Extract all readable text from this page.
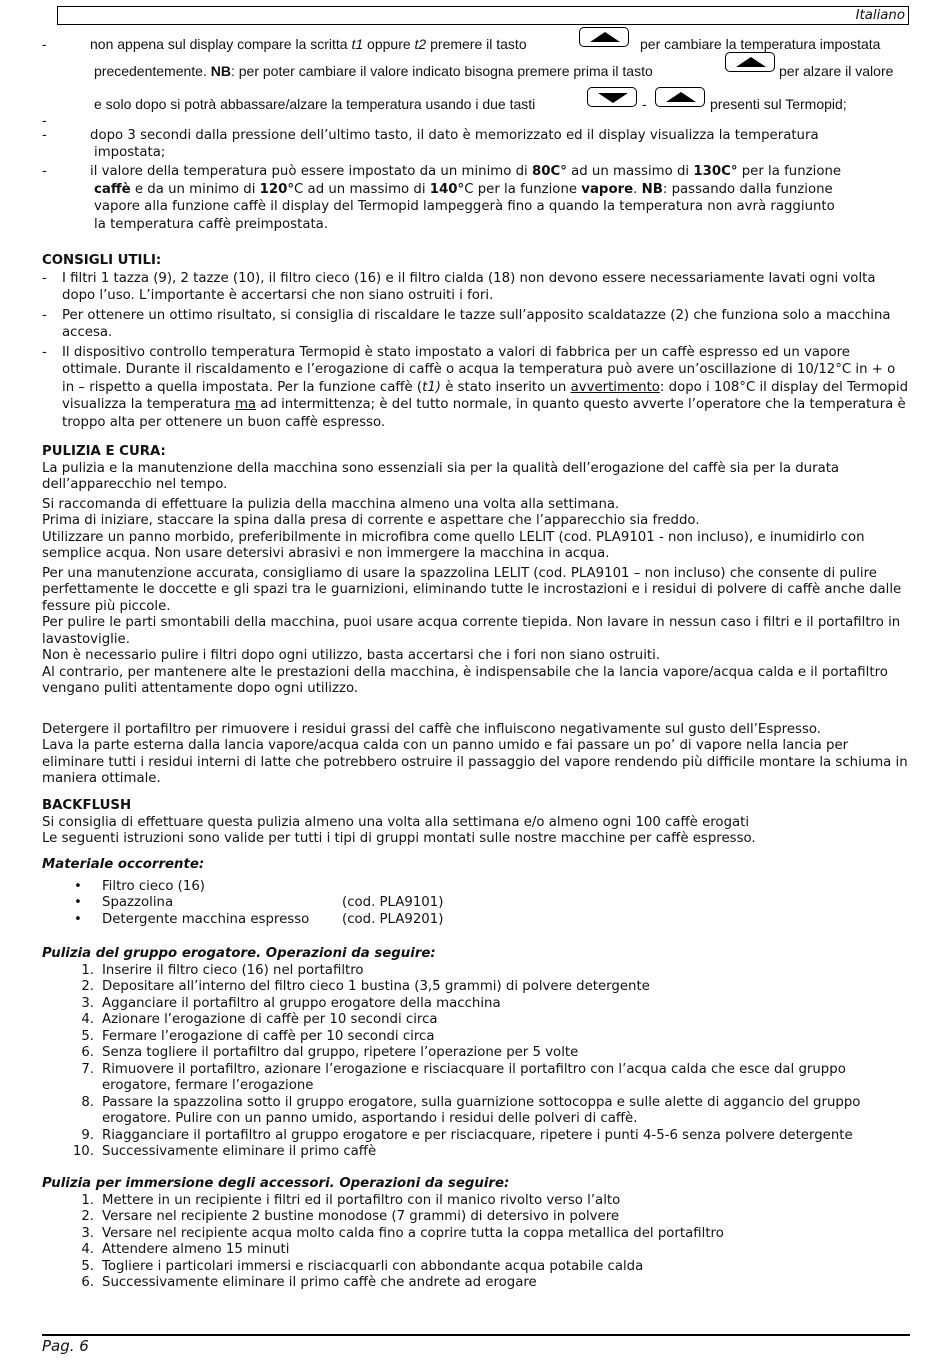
Italiano
-	non appena sul display compare la scritta t1 oppure t2 premere il tasto	per cambiare la temperatura impostata
precedentemente. NB: per poter cambiare il valore indicato bisogna premere prima il tasto	per alzare il valore
e solo dopo si potrà abbassare/alzare la temperatura usando i due tasti	-	presenti sul Termopid;
-
-	dopo 3 secondi dalla pressione dell’ultimo tasto, il dato è memorizzato ed il display visualizza la temperatura
impostata;
-	il valore della temperatura può essere impostato da un minimo di 80C° ad un massimo di 130C° per la funzione
caffè e da un minimo di 120°C ad un massimo di 140°C per la funzione vapore. NB: passando dalla funzione
vapore alla funzione caffè il display del Termopid lampeggerà fino a quando la temperatura non avrà raggiunto
la temperatura caffè preimpostata.
CONSIGLI UTILI:
- I filtri 1 tazza (9), 2 tazze (10), il filtro cieco (16) e il filtro cialda (18) non devono essere necessariamente lavati ogni volta dopo l’uso. L’importante è accertarsi che non siano ostruiti i fori.
- Per ottenere un ottimo risultato, si consiglia di riscaldare le tazze sull’apposito scaldatazze (2) che funziona solo a macchina accesa.
- Il dispositivo controllo temperatura Termopid è stato impostato a valori di fabbrica per un caffè espresso ed un vapore ottimale. Durante il riscaldamento e l’erogazione di caffè o acqua la temperatura può avere un’oscillazione di 10/12°C in + o in – rispetto a quella impostata. Per la funzione caffè (t1) è stato inserito un avvertimento: dopo i 108°C il display del Termopid visualizza la temperatura ma ad intermittenza; è del tutto normale, in quanto questo avverte l’operatore che la temperatura è troppo alta per ottenere un buon caffè espresso.
PULIZIA E CURA:

La pulizia e la manutenzione della macchina sono essenziali sia per la qualità dell’erogazione del caffè sia per la durata dell’apparecchio nel tempo.

Si raccomanda di effettuare la pulizia della macchina almeno una volta alla settimana.

Prima di iniziare, staccare la spina dalla presa di corrente e aspettare che l’apparecchio sia freddo.

Utilizzare un panno morbido, preferibilmente in microfibra come quello LELIT (cod. PLA9101 - non incluso), e inumidirlo con semplice acqua. Non usare detersivi abrasivi e non immergere la macchina in acqua.

Per una manutenzione accurata, consigliamo di usare la spazzolina LELIT (cod. PLA9101 – non incluso) che consente di pulire perfettamente le doccette e gli spazi tra le guarnizioni, eliminando tutte le incrostazioni e i residui di polvere di caffè anche dalle fessure più piccole.

Per pulire le parti smontabili della macchina, puoi usare acqua corrente tiepida. Non lavare in nessun caso i filtri e il portafiltro in lavastoviglie.

Non è necessario pulire i filtri dopo ogni utilizzo, basta accertarsi che i fori non siano ostruiti.

Al contrario, per mantenere alte le prestazioni della macchina, è indispensabile che la lancia vapore/acqua calda e il portafiltro vengano puliti attentamente dopo ogni utilizzo.

Detergere il portafiltro per rimuovere i residui grassi del caffè che influiscono negativamente sul gusto dell’Espresso.

Lava la parte esterna dalla lancia vapore/acqua calda con un panno umido e fai passare un po’ di vapore nella lancia per eliminare tutti i residui interni di latte che potrebbero ostruire il passaggio del vapore rendendo più difficile montare la schiuma in maniera ottimale.

BACKFLUSH

Si consiglia di effettuare questa pulizia almeno una volta alla settimana e/o almeno ogni 100 caffè erogati

Le seguenti istruzioni sono valide per tutti i tipi di gruppi montati sulle nostre macchine per caffè espresso.

Materiale occorrente:
• Filtro cieco (16)
• Spazzolina	(cod. PLA9101)
• Detergente macchina espresso (cod. PLA9201)
Pulizia del gruppo erogatore. Operazioni da seguire:
1. Inserire il filtro cieco (16) nel portafiltro
2. Depositare all’interno del filtro cieco 1 bustina (3,5 grammi) di polvere detergente
3. Agganciare il portafiltro al gruppo erogatore della macchina
4. Azionare l’erogazione di caffè per 10 secondi circa
5. Fermare l’erogazione di caffè per 10 secondi circa
6. Senza togliere il portafiltro dal gruppo, ripetere l’operazione per 5 volte
7. Rimuovere il portafiltro, azionare l’erogazione e risciacquare il portafiltro con l’acqua calda che esce dal gruppo erogatore, fermare l’erogazione
8. Passare la spazzolina sotto il gruppo erogatore, sulla guarnizione sottocoppa e sulle alette di aggancio del gruppo erogatore. Pulire con un panno umido, asportando i residui delle polveri di caffè.
9. Riagganciare il portafiltro al gruppo erogatore e per risciacquare, ripetere i punti 4-5-6 senza polvere detergente
10. Successivamente eliminare il primo caffè
Pulizia per immersione degli accessori. Operazioni da seguire:
1. Mettere in un recipiente i filtri ed il portafiltro con il manico rivolto verso l’alto
2. Versare nel recipiente 2 bustine monodose (7 grammi) di detersivo in polvere
3. Versare nel recipiente acqua molto calda fino a coprire tutta la coppa metallica del portafiltro
4. Attendere almeno 15 minuti
5. Togliere i particolari immersi e risciacquarli con abbondante acqua potabile calda
6. Successivamente eliminare il primo caffè che andrete ad erogare
Pag. 6
